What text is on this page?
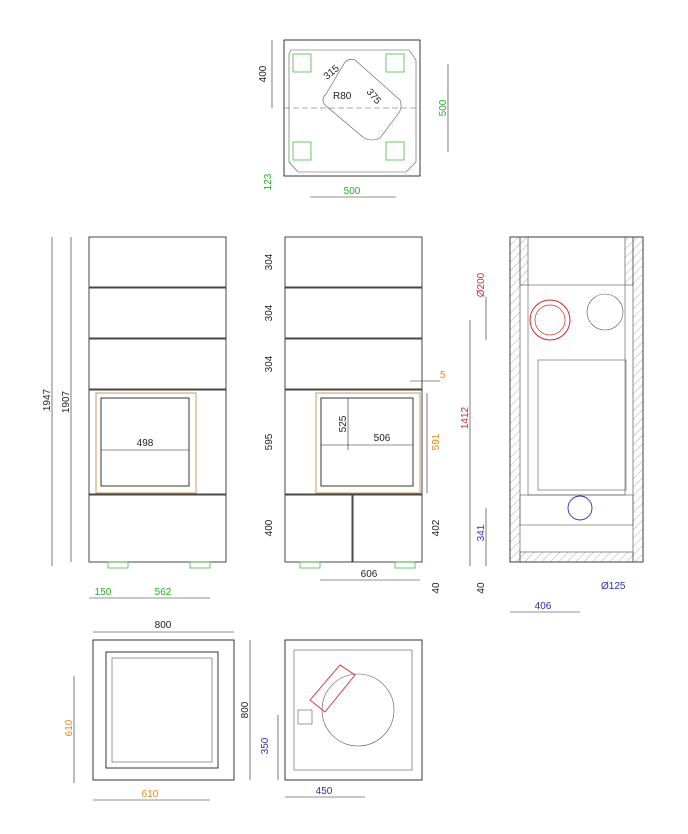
400	315
R80 375
500
500
123
1947 1907
498
150	562
304
304
304
595
525
506
5
591
400	402
606
40
Ø200
1412
341
40	Ø125
406
800
800
610
610
350
450
